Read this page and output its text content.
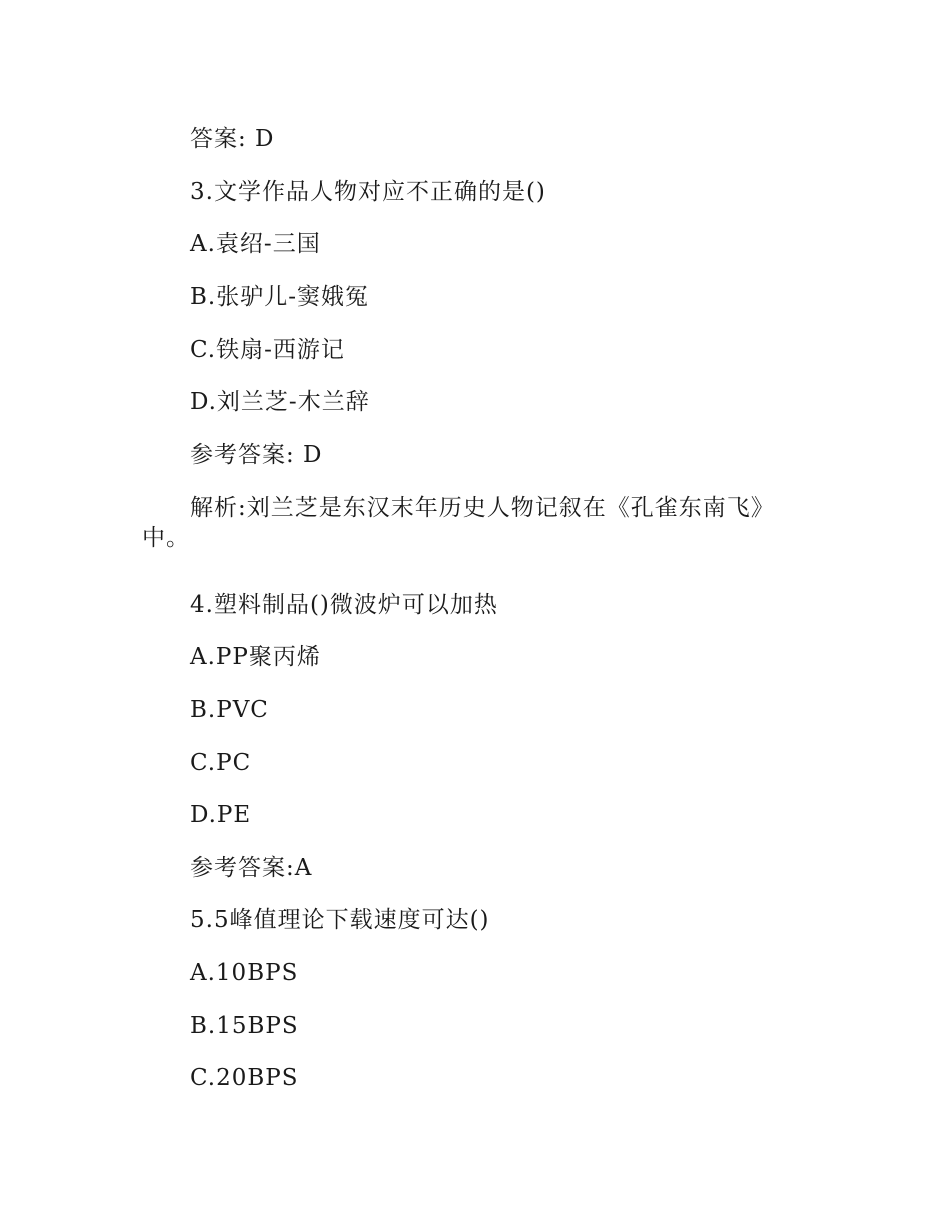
答案: D
3.文学作品人物对应不正确的是()
A.袁绍-三国
B.张驴儿-窦娥冤
C.铁扇-西游记
D.刘兰芝-木兰辞
参考答案: D
解析:刘兰芝是东汉末年历史人物记叙在《孔雀东南飞》
中。
4.塑料制品()微波炉可以加热
A.PP聚丙烯
B.PVC
C.PC
D.PE
参考答案:A
5.5峰值理论下载速度可达()
A.10BPS
B.15BPS
C.20BPS
